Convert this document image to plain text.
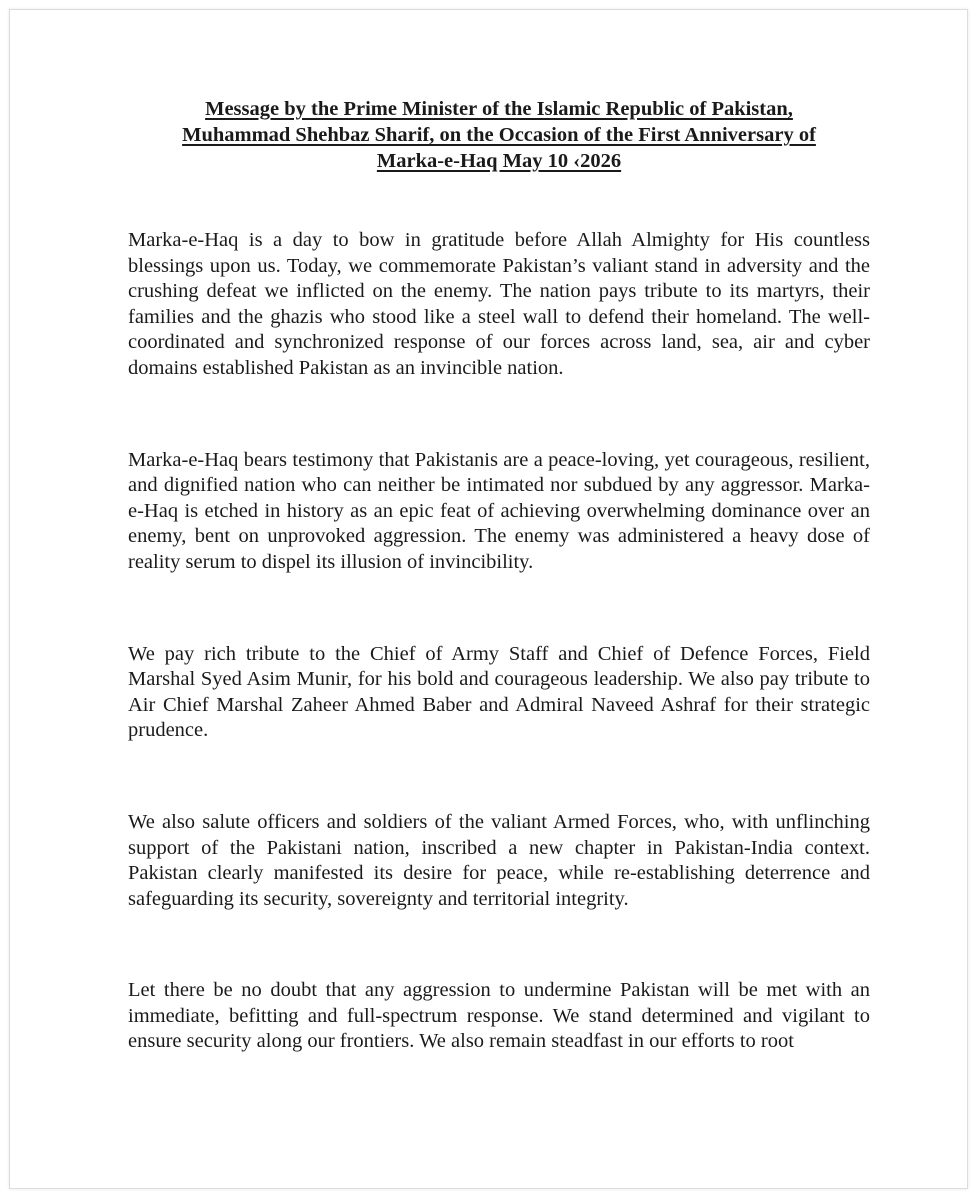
Message by the Prime Minister of the Islamic Republic of Pakistan,
Muhammad Shehbaz Sharif, on the Occasion of the First Anniversary of
Marka-e-Haq May 10 ‹2026

Marka-e-Haq is a day to bow in gratitude before Allah Almighty for His countless blessings upon us. Today, we commemorate Pakistan’s valiant stand in adversity and the crushing defeat we inflicted on the enemy. The nation pays tribute to its martyrs, their families and the ghazis who stood like a steel wall to defend their homeland. The well-coordinated and synchronized response of our forces across land, sea, air and cyber domains established Pakistan as an invincible nation.

Marka-e-Haq bears testimony that Pakistanis are a peace-loving, yet courageous, resilient, and dignified nation who can neither be intimated nor subdued by any aggressor. Marka-e-Haq is etched in history as an epic feat of achieving overwhelming dominance over an enemy, bent on unprovoked aggression. The enemy was administered a heavy dose of reality serum to dispel its illusion of invincibility.

We pay rich tribute to the Chief of Army Staff and Chief of Defence Forces, Field Marshal Syed Asim Munir, for his bold and courageous leadership. We also pay tribute to Air Chief Marshal Zaheer Ahmed Baber and Admiral Naveed Ashraf for their strategic prudence.

We also salute officers and soldiers of the valiant Armed Forces, who, with unflinching support of the Pakistani nation, inscribed a new chapter in Pakistan-India context. Pakistan clearly manifested its desire for peace, while re-establishing deterrence and safeguarding its security, sovereignty and territorial integrity.

Let there be no doubt that any aggression to undermine Pakistan will be met with an immediate, befitting and full-spectrum response. We stand determined and vigilant to ensure security along our frontiers. We also remain steadfast in our efforts to root
